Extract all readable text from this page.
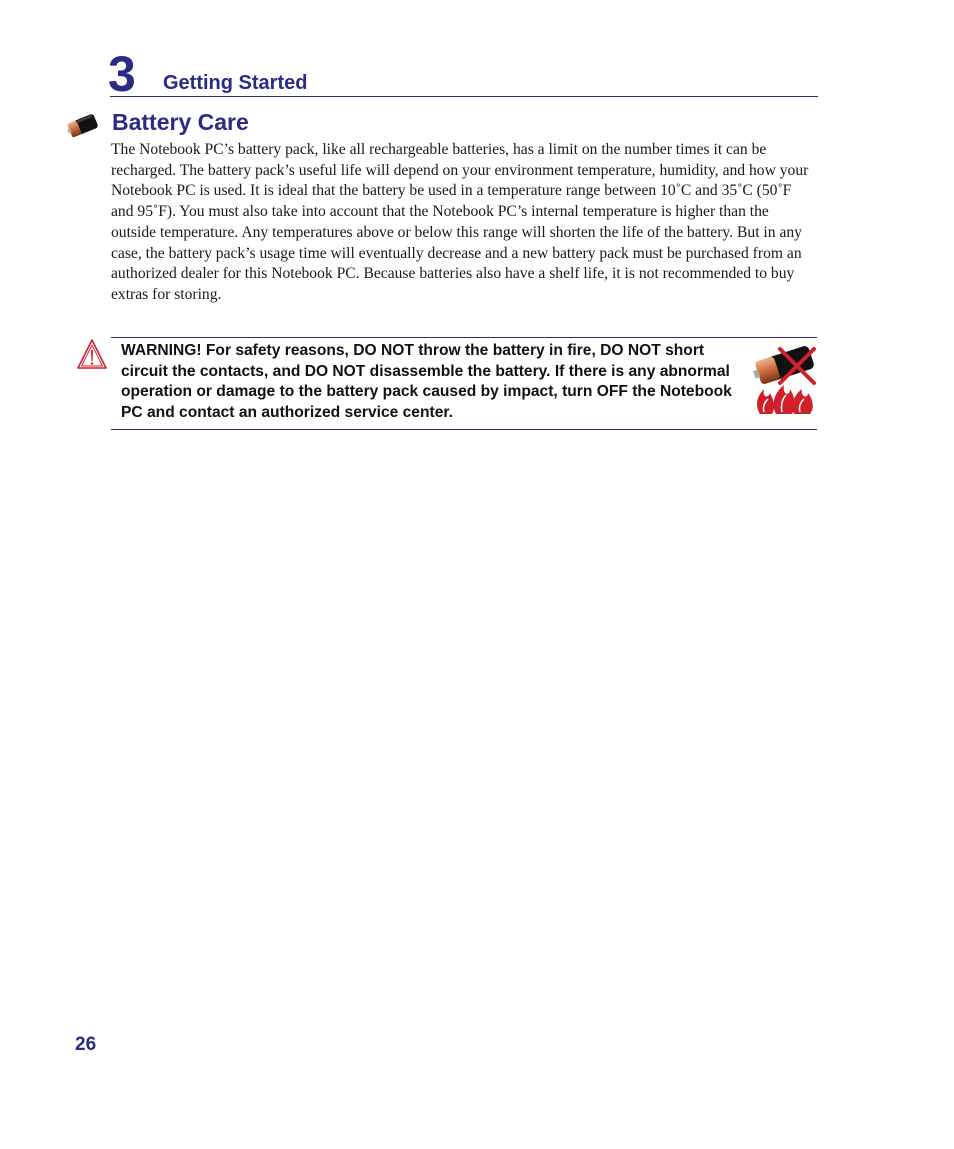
3 Getting Started
Battery Care

The Notebook PC’s battery pack, like all rechargeable batteries, has a limit on the number times it can be recharged. The battery pack’s useful life will depend on your environment temperature, humidity, and how your Notebook PC is used. It is ideal that the battery be used in a temperature range between 10˚C and 35˚C (50˚F and 95˚F). You must also take into account that the Notebook PC’s internal temperature is higher than the outside temperature. Any temperatures above or below this range will shorten the life of the battery. But in any case, the battery pack’s usage time will eventually decrease and a new battery pack must be purchased from an authorized dealer for this Notebook PC. Because batteries also have a shelf life, it is not recommended to buy extras for storing.

WARNING! For safety reasons, DO NOT throw the battery in fire, DO NOT short circuit the contacts, and DO NOT disassemble the battery. If there is any abnormal operation or damage to the battery pack caused by impact, turn OFF the Notebook PC and contact an authorized service center.

26
